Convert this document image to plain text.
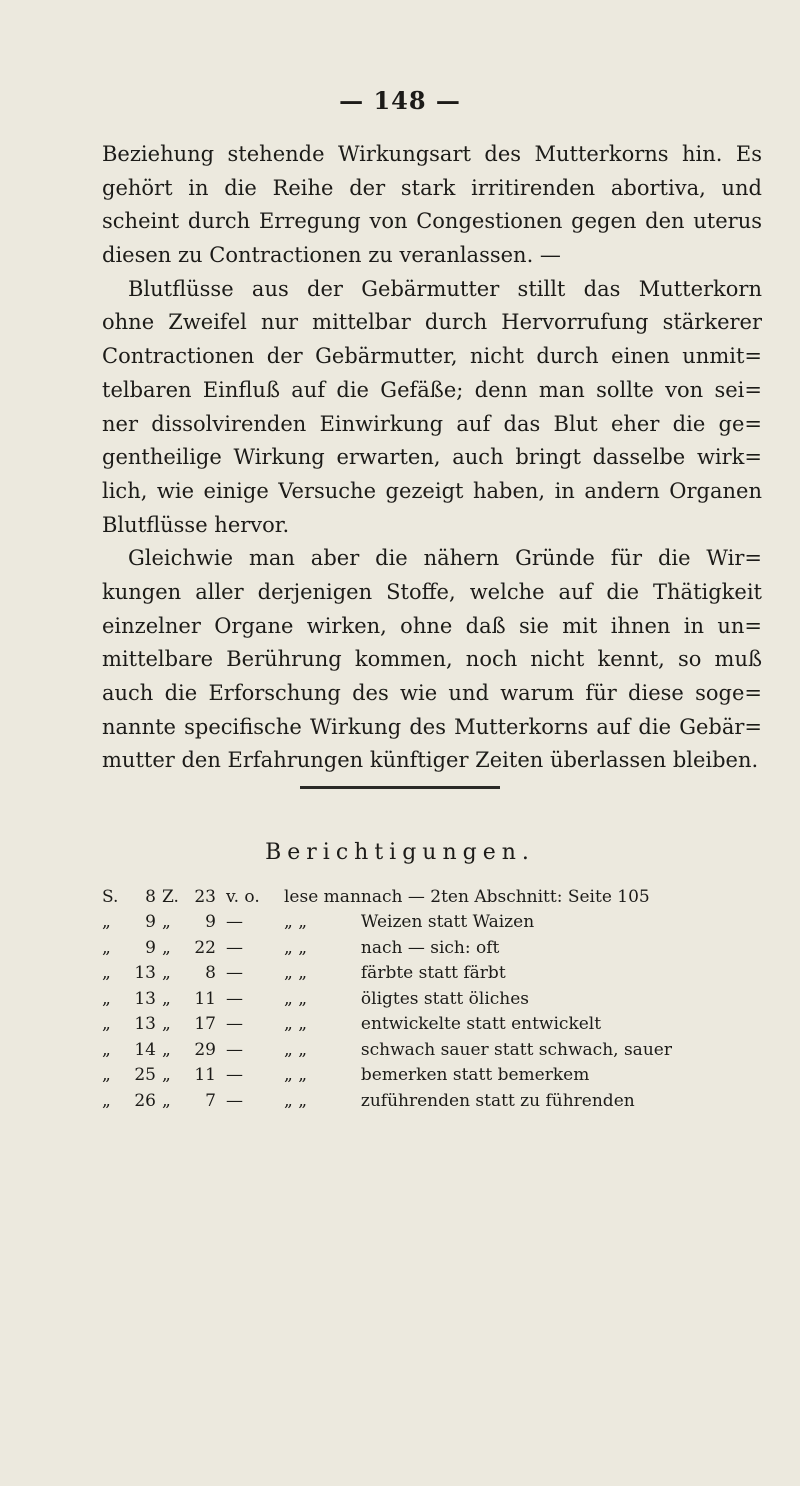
— 148 —
Beziehung stehende Wirkungsart des Mutterkorns hin. Es
gehört in die Reihe der stark irritirenden abortiva, und
scheint durch Erregung von Congestionen gegen den uterus
diesen zu Contractionen zu veranlassen. —
Blutflüsse aus der Gebärmutter stillt das Mutterkorn
ohne Zweifel nur mittelbar durch Hervorrufung stärkerer
Contractionen der Gebärmutter, nicht durch einen unmit=
telbaren Einfluß auf die Gefäße; denn man sollte von sei=
ner dissolvirenden Einwirkung auf das Blut eher die ge=
gentheilige Wirkung erwarten, auch bringt dasselbe wirk=
lich, wie einige Versuche gezeigt haben, in andern Organen
Blutflüsse hervor.
Gleichwie man aber die nähern Gründe für die Wir=
kungen aller derjenigen Stoffe, welche auf die Thätigkeit
einzelner Organe wirken, ohne daß sie mit ihnen in un=
mittelbare Berührung kommen, noch nicht kennt, so muß
auch die Erforschung des wie und warum für diese soge=
nannte specifische Wirkung des Mutterkorns auf die Gebär=
mutter den Erfahrungen künftiger Zeiten überlassen bleiben.
Berichtigungen.
S.	8	Z.	23	v. o.	lese man	nach — 2ten Abschnitt: Seite 105
„	9	„	9	—	„ „	Weizen statt Waizen
„	9	„	22	—	„ „	nach — sich: oft
„	13	„	8	—	„ „	färbte statt färbt
„	13	„	11	—	„ „	öligtes statt öliches
„	13	„	17	—	„ „	entwickelte statt entwickelt
„	14	„	29	—	„ „	schwach sauer statt schwach, sauer
„	25	„	11	—	„ „	bemerken statt bemerkem
„	26	„	7	—	„ „	zuführenden statt zu führenden
